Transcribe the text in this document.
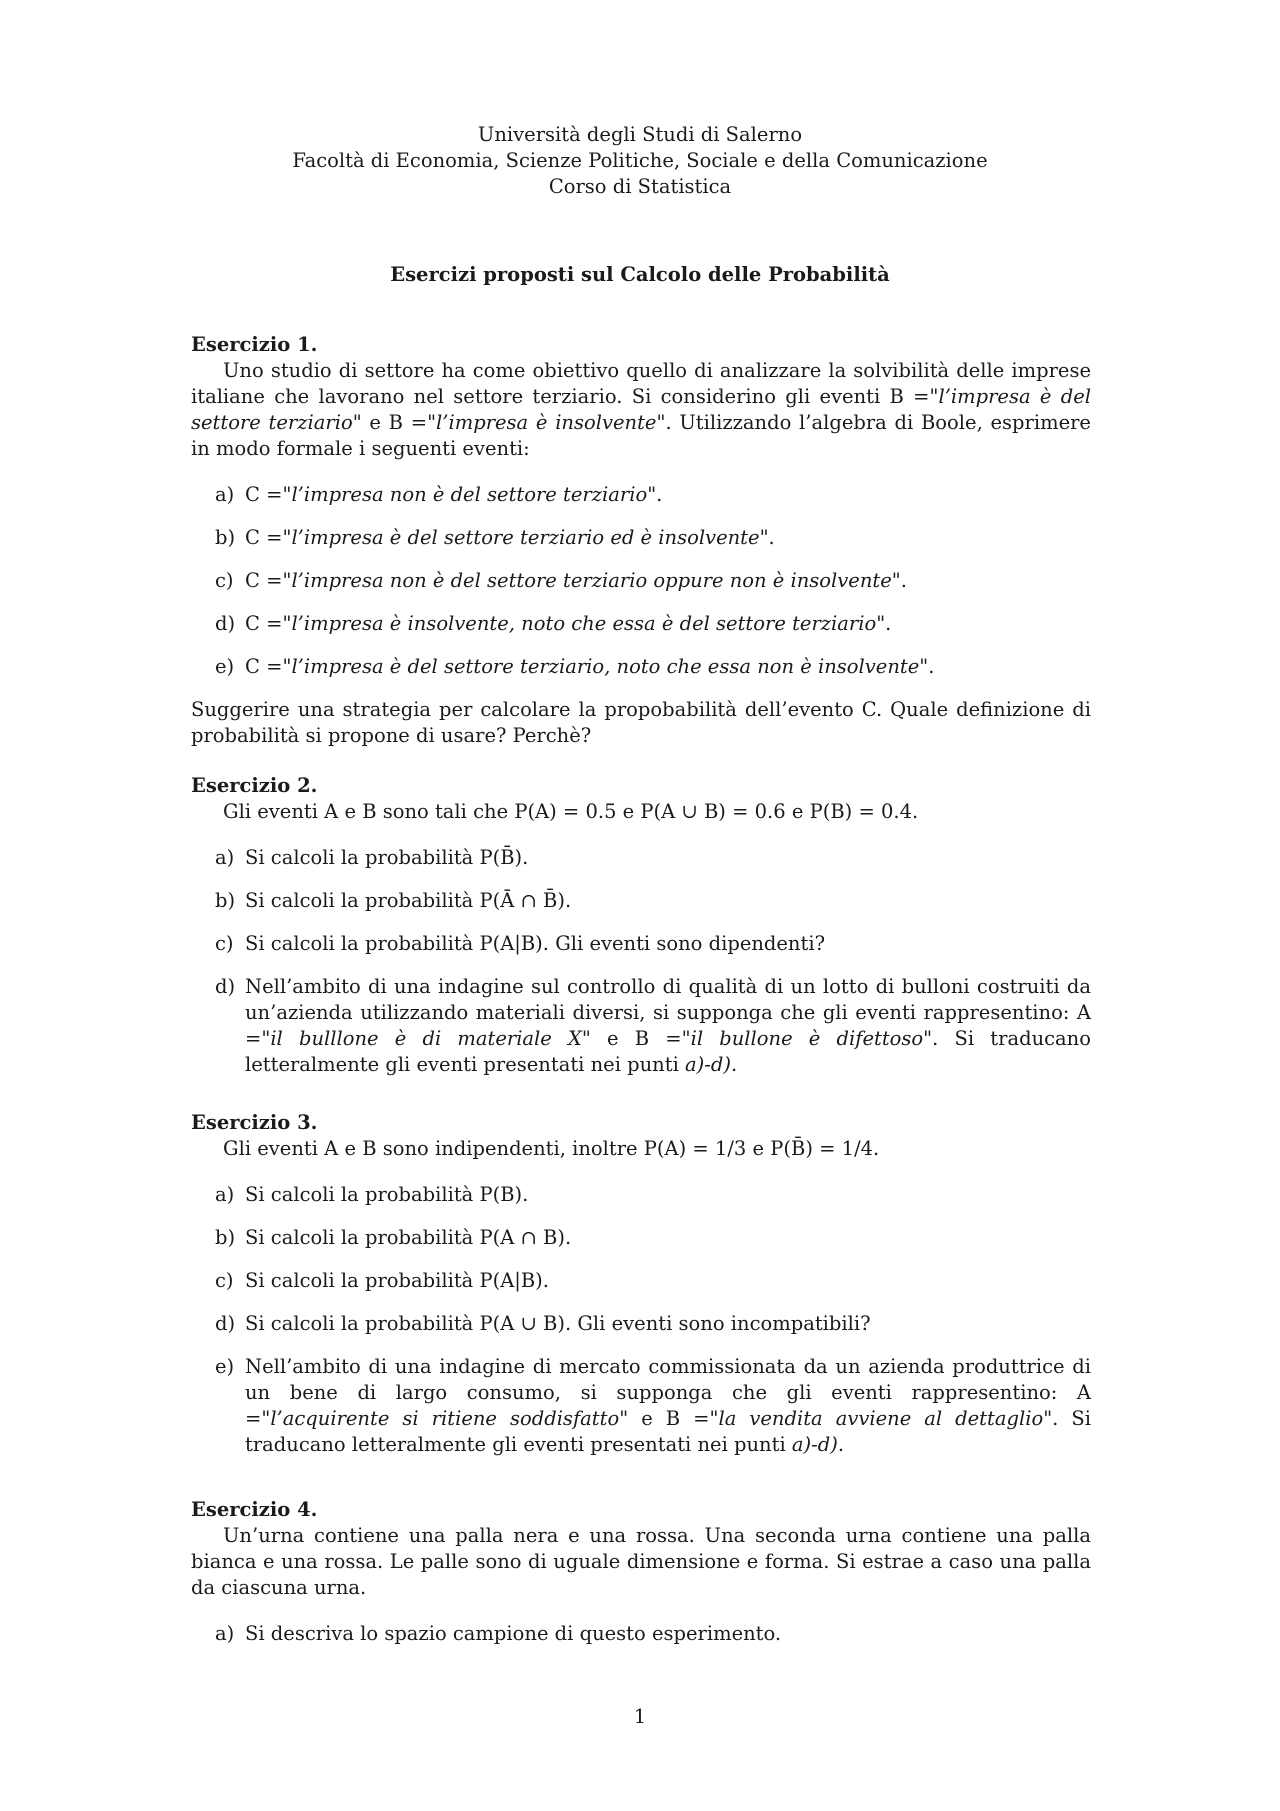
Università degli Studi di Salerno
Facoltà di Economia, Scienze Politiche, Sociale e della Comunicazione
Corso di Statistica
Esercizi proposti sul Calcolo delle Probabilità
Esercizio 1.
Uno studio di settore ha come obiettivo quello di analizzare la solvibilità delle imprese italiane che lavorano nel settore terziario. Si considerino gli eventi B ="l’impresa è del settore terziario" e B ="l’impresa è insolvente". Utilizzando l’algebra di Boole, esprimere in modo formale i seguenti eventi:
a) C ="l’impresa non è del settore terziario".
b) C ="l’impresa è del settore terziario ed è insolvente".
c) C ="l’impresa non è del settore terziario oppure non è insolvente".
d) C ="l’impresa è insolvente, noto che essa è del settore terziario".
e) C ="l’impresa è del settore terziario, noto che essa non è insolvente".
Suggerire una strategia per calcolare la propobabilità dell’evento C. Quale definizione di probabilità si propone di usare? Perchè?
Esercizio 2.
Gli eventi A e B sono tali che P(A) = 0.5 e P(A ∪ B) = 0.6 e P(B) = 0.4.
a) Si calcoli la probabilità P(B̄).
b) Si calcoli la probabilità P(Ā ∩ B̄).
c) Si calcoli la probabilità P(A|B). Gli eventi sono dipendenti?
d) Nell’ambito di una indagine sul controllo di qualità di un lotto di bulloni costruiti da un’azienda utilizzando materiali diversi, si supponga che gli eventi rappresentino: A ="il bulllone è di materiale X" e B ="il bullone è difettoso". Si traducano letteralmente gli eventi presentati nei punti a)-d).
Esercizio 3.
Gli eventi A e B sono indipendenti, inoltre P(A) = 1/3 e P(B̄) = 1/4.
a) Si calcoli la probabilità P(B).
b) Si calcoli la probabilità P(A ∩ B).
c) Si calcoli la probabilità P(A|B).
d) Si calcoli la probabilità P(A ∪ B). Gli eventi sono incompatibili?
e) Nell’ambito di una indagine di mercato commissionata da un azienda produttrice di un bene di largo consumo, si supponga che gli eventi rappresentino: A ="l’acquirente si ritiene soddisfatto" e B ="la vendita avviene al dettaglio". Si traducano letteralmente gli eventi presentati nei punti a)-d).
Esercizio 4.
Un’urna contiene una palla nera e una rossa. Una seconda urna contiene una palla bianca e una rossa. Le palle sono di uguale dimensione e forma. Si estrae a caso una palla da ciascuna urna.
a) Si descriva lo spazio campione di questo esperimento.
1
